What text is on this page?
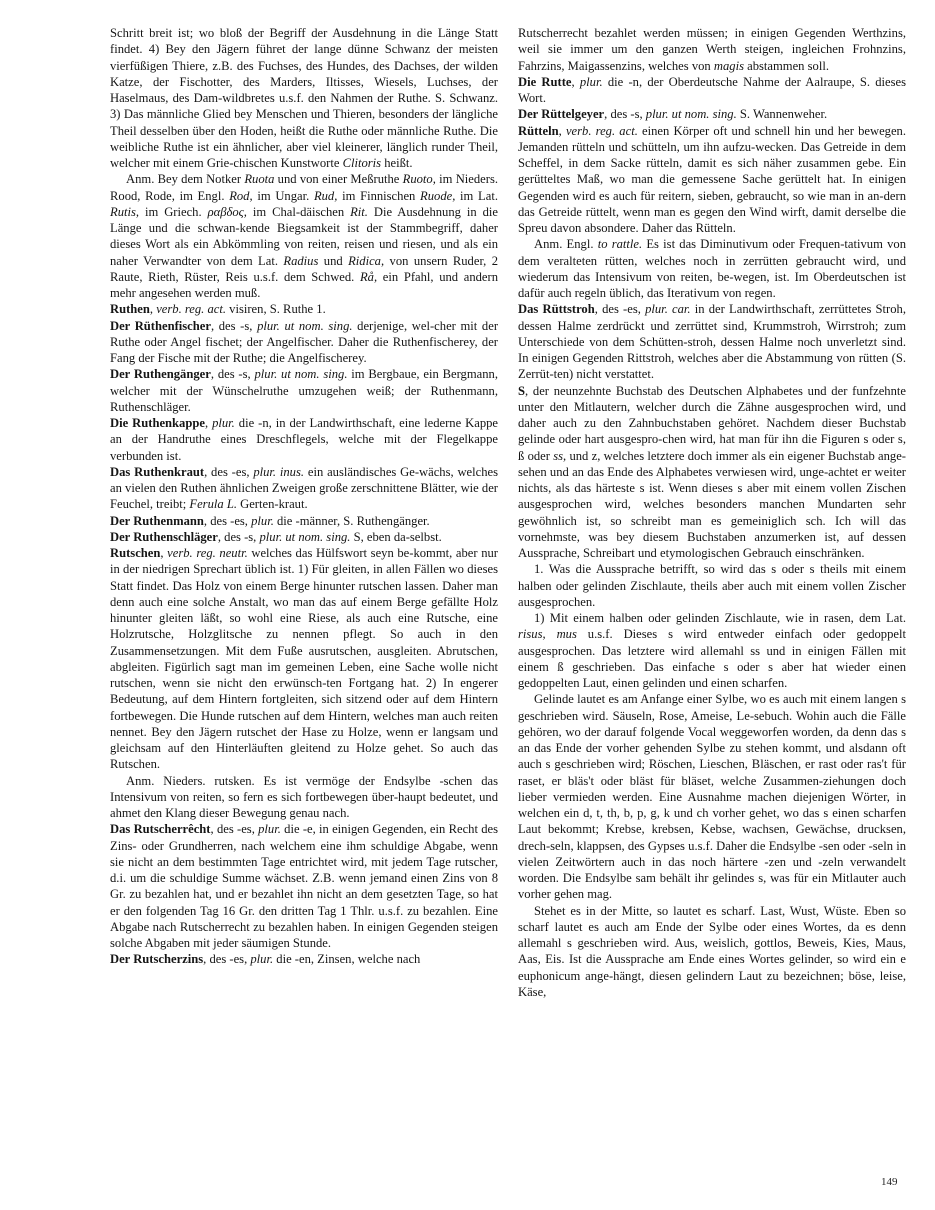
Schritt breit ist; wo bloß der Begriff der Ausdehnung in die Länge Statt findet. 4) Bey den Jägern führet der lange dünne Schwanz der meisten vierfüßigen Thiere, z.B. des Fuchses, des Hundes, des Dachses, der wilden Katze, der Fischotter, des Marders, Iltisses, Wiesels, Luchses, der Haselmaus, des Dam-wildbretes u.s.f. den Nahmen der Ruthe. S. Schwanz. 3) Das männliche Glied bey Menschen und Thieren, besonders der längliche Theil desselben über den Hoden, heißt die Ruthe oder männliche Ruthe. Die weibliche Ruthe ist ein ähnlicher, aber viel kleinerer, länglich runder Theil, welcher mit einem Grie-chischen Kunstworte Clitoris heißt.

Anm. Bey dem Notker Ruota und von einer Meßruthe Ruoto, im Nieders. Rood, Rode, im Engl. Rod, im Ungar. Rud, im Finnischen Ruode, im Lat. Rutis, im Griech. ραβδος, im Chal-däischen Rit. Die Ausdehnung in die Länge und die schwan-kende Biegsamkeit ist der Stammbegriff, daher dieses Wort als ein Abkömmling von reiten, reisen und riesen, und als ein naher Verwandter von dem Lat. Radius und Ridica, von unsern Ruder, 2 Raute, Rieth, Rüster, Reis u.s.f. dem Schwed. Rå, ein Pfahl, und andern mehr angesehen werden muß.

Ruthen, verb. reg. act. visiren, S. Ruthe 1.

Der Rüthenfischer, des -s, plur. ut nom. sing. derjenige, wel-cher mit der Ruthe oder Angel fischet; der Angelfischer. Daher die Ruthenfischerey, der Fang der Fische mit der Ruthe; die Angelfischerey.

Der Ruthengänger, des -s, plur. ut nom. sing. im Bergbaue, ein Bergmann, welcher mit der Wünschelruthe umzugehen weiß; der Ruthenmann, Ruthenschläger.

Die Ruthenkappe, plur. die -n, in der Landwirthschaft, eine lederne Kappe an der Handruthe eines Dreschflegels, welche mit der Flegelkappe verbunden ist.

Das Ruthenkraut, des -es, plur. inus. ein ausländisches Ge-wächs, welches an vielen den Ruthen ähnlichen Zweigen große zerschnittene Blätter, wie der Feuchel, treibt; Ferula L. Gerten-kraut.

Der Ruthenmann, des -es, plur. die -männer, S. Ruthengänger.

Der Ruthenschläger, des -s, plur. ut nom. sing. S, eben da-selbst.

Rutschen, verb. reg. neutr. welches das Hülfswort seyn be-kommt, aber nur in der niedrigen Sprechart üblich ist. 1) Für gleiten, in allen Fällen wo dieses Statt findet. Das Holz von einem Berge hinunter rutschen lassen. Daher man denn auch eine solche Anstalt, wo man das auf einem Berge gefällte Holz hinunter gleiten läßt, so wohl eine Riese, als auch eine Rutsche, eine Holzrutsche, Holzglitsche zu nennen pflegt. So auch in den Zusammensetzungen. Mit dem Fuße ausrutschen, ausgleiten. Abrutschen, abgleiten. Figürlich sagt man im gemeinen Leben, eine Sache wolle nicht rutschen, wenn sie nicht den erwünsch-ten Fortgang hat. 2) In engerer Bedeutung, auf dem Hintern fortgleiten, sich sitzend oder auf dem Hintern fortbewegen. Die Hunde rutschen auf dem Hintern, welches man auch reiten nennet. Bey den Jägern rutschet der Hase zu Holze, wenn er langsam und gleichsam auf den Hinterläuften gleitend zu Holze gehet. So auch das Rutschen.

Anm. Nieders. rutsken. Es ist vermöge der Endsylbe -schen das Intensivum von reiten, so fern es sich fortbewegen über-haupt bedeutet, und ahmet den Klang dieser Bewegung genau nach.

Das Rutscherrêcht, des -es, plur. die -e, in einigen Gegenden, ein Recht des Zins- oder Grundherren, nach welchem eine ihm schuldige Abgabe, wenn sie nicht an dem bestimmten Tage entrichtet wird, mit jedem Tage rutscher, d.i. um die schuldige Summe wächset. Z.B. wenn jemand einen Zins von 8 Gr. zu bezahlen hat, und er bezahlet ihn nicht an dem gesetzten Tage, so hat er den folgenden Tag 16 Gr. den dritten Tag 1 Thlr. u.s.f. zu bezahlen. Eine Abgabe nach Rutscherrecht zu bezahlen haben. In einigen Gegenden steigen solche Abgaben mit jeder säumigen Stunde.

Der Rutscherzins, des -es, plur. die -en, Zinsen, welche nach

Rutscherrecht bezahlet werden müssen; in einigen Gegenden Werthzins, weil sie immer um den ganzen Werth steigen, ingleichen Frohnzins, Fahrzins, Maigassenzins, welches von magis abstammen soll.

Die Rutte, plur. die -n, der Oberdeutsche Nahme der Aalraupe, S. dieses Wort.

Der Rüttelgeyer, des -s, plur. ut nom. sing. S. Wannenweher.

Rütteln, verb. reg. act. einen Körper oft und schnell hin und her bewegen. Jemanden rütteln und schütteln, um ihn aufzu-wecken. Das Getreide in dem Scheffel, in dem Sacke rütteln, damit es sich näher zusammen gebe. Ein gerütteltes Maß, wo man die gemessene Sache gerüttelt hat. In einigen Gegenden wird es auch für reitern, sieben, gebraucht, so wie man in an-dern das Getreide rüttelt, wenn man es gegen den Wind wirft, damit derselbe die Spreu davon absondere. Daher das Rütteln.

Anm. Engl. to rattle. Es ist das Diminutivum oder Frequen-tativum von dem veralteten rütten, welches noch in zerrütten gebraucht wird, und wiederum das Intensivum von reiten, be-wegen, ist. Im Oberdeutschen ist dafür auch regeln üblich, das Iterativum von regen.

Das Rüttstroh, des -es, plur. car. in der Landwirthschaft, zerrüttetes Stroh, dessen Halme zerdrückt und zerrüttet sind, Krummstroh, Wirrstroh; zum Unterschiede von dem Schütten-stroh, dessen Halme noch unverletzt sind. In einigen Gegenden Rittstroh, welches aber die Abstammung von rütten (S. Zerrüt-ten) nicht verstattet.

S, der neunzehnte Buchstab des Deutschen Alphabetes und der funfzehnte unter den Mitlautern, welcher durch die Zähne ausgesprochen wird, und daher auch zu den Zahnbuchstaben gehöret. Nachdem dieser Buchstab gelinde oder hart ausgespro-chen wird, hat man für ihn die Figuren s oder s, ß oder ss, und z, welches letztere doch immer als ein eigener Buchstab ange-sehen und an das Ende des Alphabetes verwiesen wird, unge-achtet er weiter nichts, als das härteste s ist. Wenn dieses s aber mit einem vollen Zischen ausgesprochen wird, welches besonders manchen Mundarten sehr gewöhnlich ist, so schreibt man es gemeiniglich sch. Ich will das vornehmste, was bey diesem Buchstaben anzumerken ist, auf dessen Aussprache, Schreibart und etymologischen Gebrauch einschränken.

1. Was die Aussprache betrifft, so wird das s oder s theils mit einem halben oder gelinden Zischlaute, theils aber auch mit einem vollen Zischer ausgesprochen.

1) Mit einem halben oder gelinden Zischlaute, wie in rasen, dem Lat. risus, mus u.s.f. Dieses s wird entweder einfach oder gedoppelt ausgesprochen. Das letztere wird allemahl ss und in einigen Fällen mit einem ß geschrieben. Das einfache s oder s aber hat wieder einen gedoppelten Laut, einen gelinden und einen scharfen.

Gelinde lautet es am Anfange einer Sylbe, wo es auch mit einem langen s geschrieben wird. Säuseln, Rose, Ameise, Le-sebuch. Wohin auch die Fälle gehören, wo der darauf folgende Vocal weggeworfen worden, da denn das s an das Ende der vorher gehenden Sylbe zu stehen kommt, und alsdann oft auch s geschrieben wird; Röschen, Lieschen, Bläschen, er rast oder ras't für raset, er bläs't oder bläst für bläset, welche Zusammen-ziehungen doch lieber vermieden werden. Eine Ausnahme machen diejenigen Wörter, in welchen ein d, t, th, b, p, g, k und ch vorher gehet, wo das s einen scharfen Laut bekommt; Krebse, krebsen, Kebse, wachsen, Gewächse, drucksen, drech-seln, klappsen, des Gypses u.s.f. Daher die Endsylbe -sen oder -seln in vielen Zeitwörtern auch in das noch härtere -zen und -zeln verwandelt worden. Die Endsylbe sam behält ihr gelindes s, was für ein Mitlauter auch vorher gehen mag.

Stehet es in der Mitte, so lautet es scharf. Last, Wust, Wüste. Eben so scharf lautet es auch am Ende der Sylbe oder eines Wortes, da es denn allemahl s geschrieben wird. Aus, weislich, gottlos, Beweis, Kies, Maus, Aas, Eis. Ist die Aussprache am Ende eines Wortes gelinder, so wird ein e euphonicum ange-hängt, diesen gelindern Laut zu bezeichnen; böse, leise, Käse,

149
